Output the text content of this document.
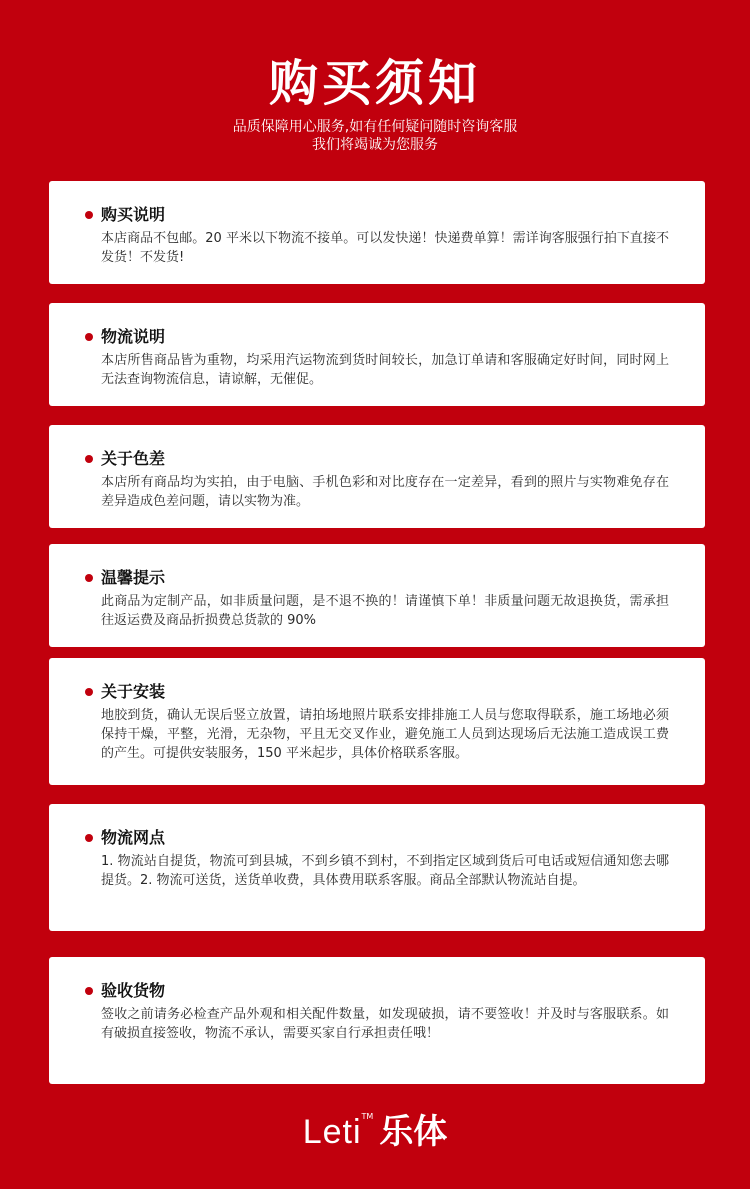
购买须知
品质保障用心服务,如有任何疑问随时咨询客服
我们将竭诚为您服务
购买说明
本店商品不包邮。20 平米以下物流不接单。可以发快递！快递费单算！需详询客服强行拍下直接不发货！不发货!
物流说明
本店所售商品皆为重物，均采用汽运物流到货时间较长，加急订单请和客服确定好时间，同时网上无法查询物流信息，请谅解，无催促。
关于色差
本店所有商品均为实拍，由于电脑、手机色彩和对比度存在一定差异，看到的照片与实物难免存在差异造成色差问题，请以实物为准。
温馨提示
此商品为定制产品，如非质量问题，是不退不换的！请谨慎下单！非质量问题无故退换货，需承担往返运费及商品折损费总货款的 90%
关于安装
地胶到货，确认无误后竖立放置，请拍场地照片联系安排排施工人员与您取得联系，施工场地必须保持干燥，平整，光滑，无杂物，平且无交叉作业，避免施工人员到达现场后无法施工造成误工费的产生。可提供安装服务，150 平米起步，具体价格联系客服。
物流网点
1. 物流站自提货，物流可到县城，不到乡镇不到村，不到指定区域到货后可电话或短信通知您去哪提货。2. 物流可送货，送货单收费，具体费用联系客服。商品全部默认物流站自提。
验收货物
签收之前请务必检查产品外观和相关配件数量，如发现破损，请不要签收！并及时与客服联系。如有破损直接签收，物流不承认，需要买家自行承担责任哦！
Leti™ 乐体
